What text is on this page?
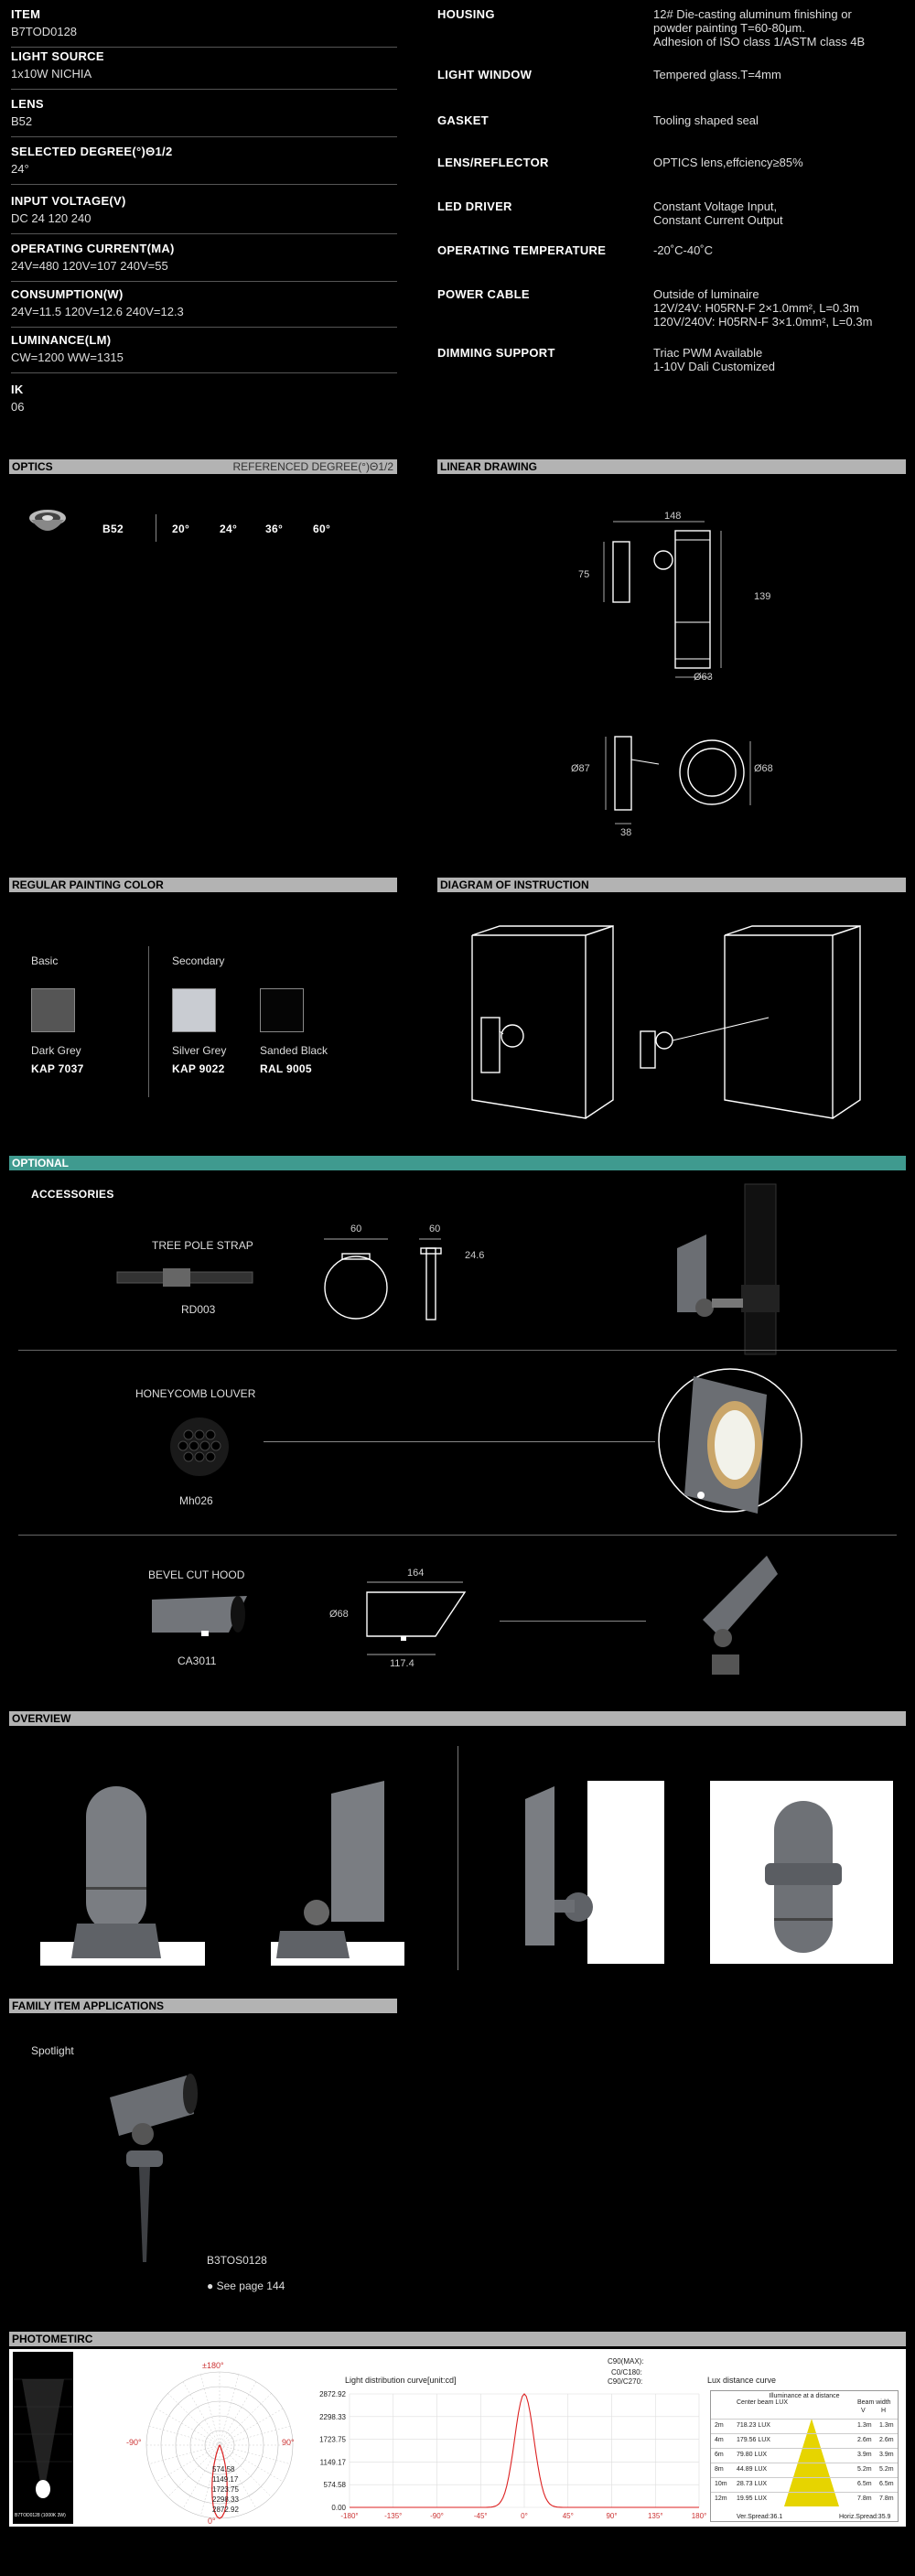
ITEM
B7TOD0128
LIGHT SOURCE
1x10W NICHIA
LENS
B52
SELECTED DEGREE(°)Θ1/2
24°
INPUT VOLTAGE(V)
DC 24 120 240
OPERATING CURRENT(MA)
24V=480 120V=107 240V=55
CONSUMPTION(W)
24V=11.5 120V=12.6 240V=12.3
LUMINANCE(LM)
CW=1200 WW=1315
IK
06
HOUSING	12# Die-casting aluminum finishing or
powder painting T=60-80μm.
Adhesion of ISO class 1/ASTM class 4B
LIGHT WINDOW	Tempered glass.T=4mm
GASKET	Tooling shaped seal
LENS/REFLECTOR	OPTICS lens,effciency≥85%
LED DRIVER	Constant Voltage Input,
Constant Current Output
OPERATING TEMPERATURE	-20˚C-40˚C
POWER CABLE	Outside of luminaire
12V/24V: H05RN-F 2×1.0mm², L=0.3m
120V/240V: H05RN-F 3×1.0mm², L=0.3m
DIMMING SUPPORT	Triac PWM Available
1-10V Dali Customized
OPTICS	REFERENCED DEGREE(°)Θ1/2
B52	20°	24°	36°	60°
LINEAR DRAWING
148
75
139
Ø63
Ø87	Ø68
38
REGULAR PAINTING COLOR
Basic	Secondary
Dark Grey
KAP 7037
Silver Grey
KAP 9022
Sanded Black
RAL 9005
DIAGRAM OF INSTRUCTION
OPTIONAL
ACCESSORIES
TREE POLE STRAP
RD003
60	60
24.6
HONEYCOMB LOUVER
Mh026
BEVEL CUT HOOD
CA3011
164
Ø68
117.4
OVERVIEW
FAMILY ITEM APPLICATIONS
Spotlight
B3TOS0128
● See page 144
PHOTOMETIRC
B7TOD0128 (1000K 3W)
±180°
-90°	90°
0°
Light distribution curve[unit:cd]
C90(MAX):
C0/C180:
C90/C270:
2872.92
2298.33
1723.75
1149.17
574.58
0.00
-180°	-135°	-90°	-45°	0°	45°	90°	135°	180°
Lux distance curve
Illuminance at a distance
Center beam LUX	Beam width
V H
2m 718.23 LUX	1.3m 1.3m
4m 179.56 LUX	2.6m 2.6m
6m 79.80 LUX	3.9m 3.9m
8m 44.89 LUX	5.2m 5.2m
10m 28.73 LUX	6.5m 6.5m
12m 19.95 LUX	7.8m 7.8m
Ver.Spread:36.1	Horiz.Spread:35.9
574.58
1149.17
1723.75
2298.33
2872.92
